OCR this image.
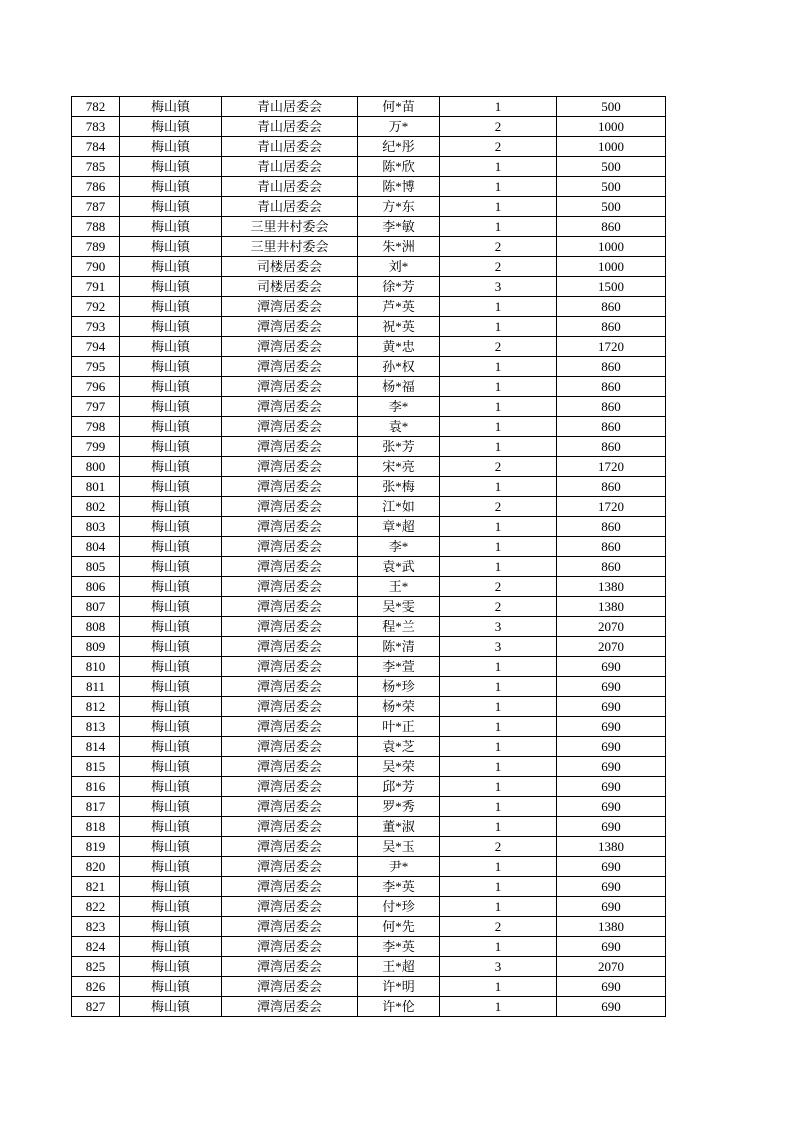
782	梅山镇	青山居委会	何*苗	1	500
783	梅山镇	青山居委会	万*	2	1000
784	梅山镇	青山居委会	纪*彤	2	1000
785	梅山镇	青山居委会	陈*欣	1	500
786	梅山镇	青山居委会	陈*博	1	500
787	梅山镇	青山居委会	方*东	1	500
788	梅山镇	三里井村委会	李*敏	1	860
789	梅山镇	三里井村委会	朱*洲	2	1000
790	梅山镇	司楼居委会	刘*	2	1000
791	梅山镇	司楼居委会	徐*芳	3	1500
792	梅山镇	潭湾居委会	芦*英	1	860
793	梅山镇	潭湾居委会	祝*英	1	860
794	梅山镇	潭湾居委会	黄*忠	2	1720
795	梅山镇	潭湾居委会	孙*权	1	860
796	梅山镇	潭湾居委会	杨*福	1	860
797	梅山镇	潭湾居委会	李*	1	860
798	梅山镇	潭湾居委会	袁*	1	860
799	梅山镇	潭湾居委会	张*芳	1	860
800	梅山镇	潭湾居委会	宋*亮	2	1720
801	梅山镇	潭湾居委会	张*梅	1	860
802	梅山镇	潭湾居委会	江*如	2	1720
803	梅山镇	潭湾居委会	章*超	1	860
804	梅山镇	潭湾居委会	李*	1	860
805	梅山镇	潭湾居委会	袁*武	1	860
806	梅山镇	潭湾居委会	王*	2	1380
807	梅山镇	潭湾居委会	吴*雯	2	1380
808	梅山镇	潭湾居委会	程*兰	3	2070
809	梅山镇	潭湾居委会	陈*清	3	2070
810	梅山镇	潭湾居委会	李*萱	1	690
811	梅山镇	潭湾居委会	杨*珍	1	690
812	梅山镇	潭湾居委会	杨*荣	1	690
813	梅山镇	潭湾居委会	叶*正	1	690
814	梅山镇	潭湾居委会	袁*芝	1	690
815	梅山镇	潭湾居委会	吴*荣	1	690
816	梅山镇	潭湾居委会	邱*芳	1	690
817	梅山镇	潭湾居委会	罗*秀	1	690
818	梅山镇	潭湾居委会	董*淑	1	690
819	梅山镇	潭湾居委会	吴*玉	2	1380
820	梅山镇	潭湾居委会	尹*	1	690
821	梅山镇	潭湾居委会	李*英	1	690
822	梅山镇	潭湾居委会	付*珍	1	690
823	梅山镇	潭湾居委会	何*先	2	1380
824	梅山镇	潭湾居委会	李*英	1	690
825	梅山镇	潭湾居委会	王*超	3	2070
826	梅山镇	潭湾居委会	许*明	1	690
827	梅山镇	潭湾居委会	许*伦	1	690
